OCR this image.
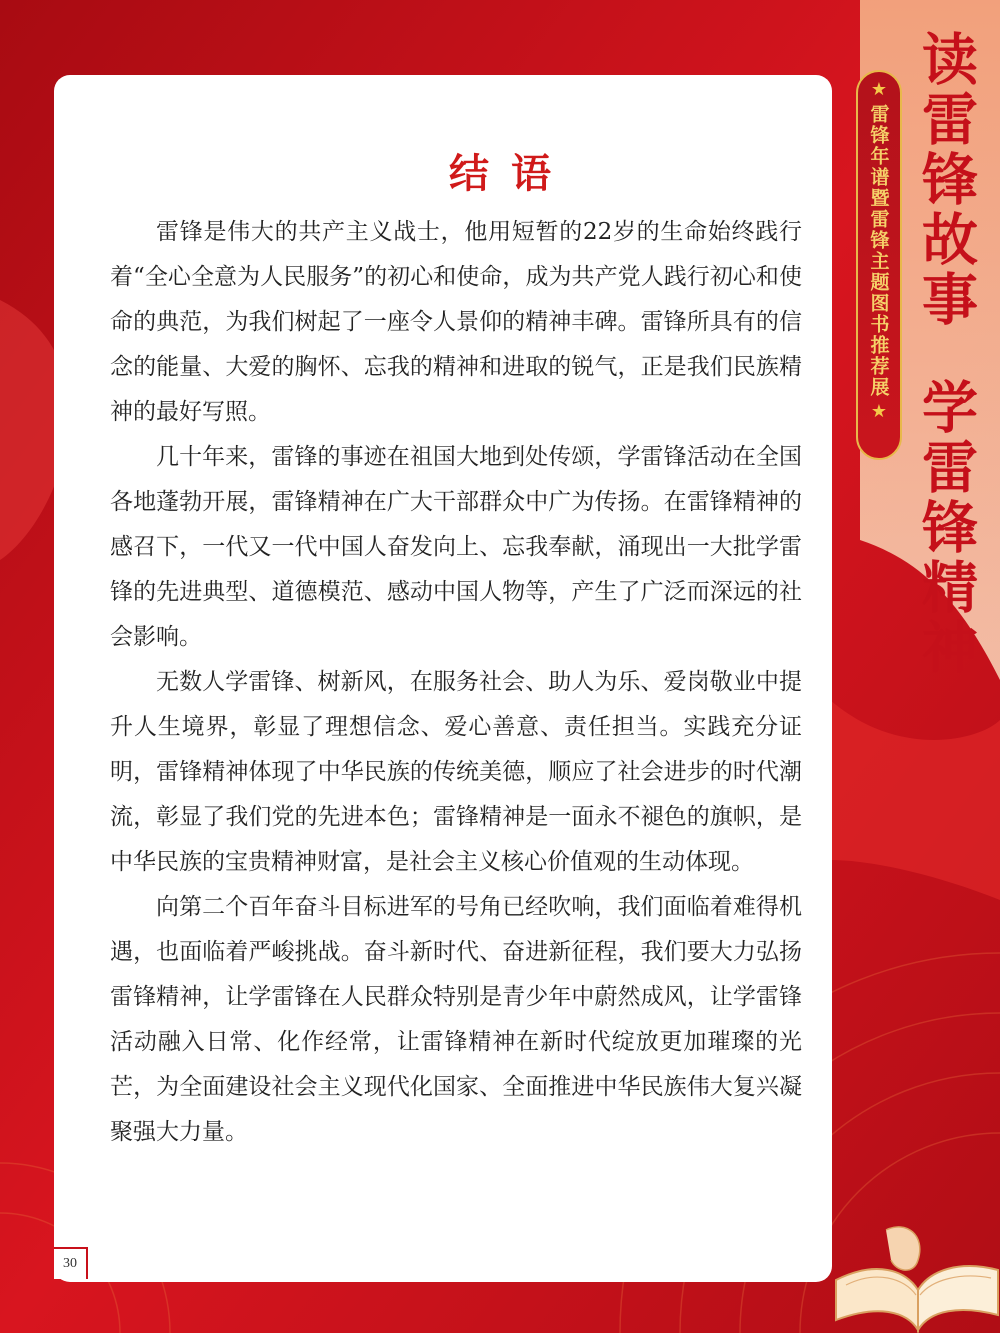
结语

雷锋是伟大的共产主义战士，他用短暂的22岁的生命始终践行着“全心全意为人民服务”的初心和使命，成为共产党人践行初心和使命的典范，为我们树起了一座令人景仰的精神丰碑。雷锋所具有的信念的能量、大爱的胸怀、忘我的精神和进取的锐气，正是我们民族精神的最好写照。

几十年来，雷锋的事迹在祖国大地到处传颂，学雷锋活动在全国各地蓬勃开展，雷锋精神在广大干部群众中广为传扬。在雷锋精神的感召下，一代又一代中国人奋发向上、忘我奉献，涌现出一大批学雷锋的先进典型、道德模范、感动中国人物等，产生了广泛而深远的社会影响。

无数人学雷锋、树新风，在服务社会、助人为乐、爱岗敬业中提升人生境界，彰显了理想信念、爱心善意、责任担当。实践充分证明，雷锋精神体现了中华民族的传统美德，顺应了社会进步的时代潮流，彰显了我们党的先进本色；雷锋精神是一面永不褪色的旗帜，是中华民族的宝贵精神财富，是社会主义核心价值观的生动体现。

向第二个百年奋斗目标进军的号角已经吹响，我们面临着难得机遇，也面临着严峻挑战。奋斗新时代、奋进新征程，我们要大力弘扬雷锋精神，让学雷锋在人民群众特别是青少年中蔚然成风，让学雷锋活动融入日常、化作经常，让雷锋精神在新时代绽放更加璀璨的光芒，为全面建设社会主义现代化国家、全面推进中华民族伟大复兴凝聚强大力量。

30
★
雷锋年谱暨雷锋主题图书推荐展
★
读雷锋故事
学雷锋精神
